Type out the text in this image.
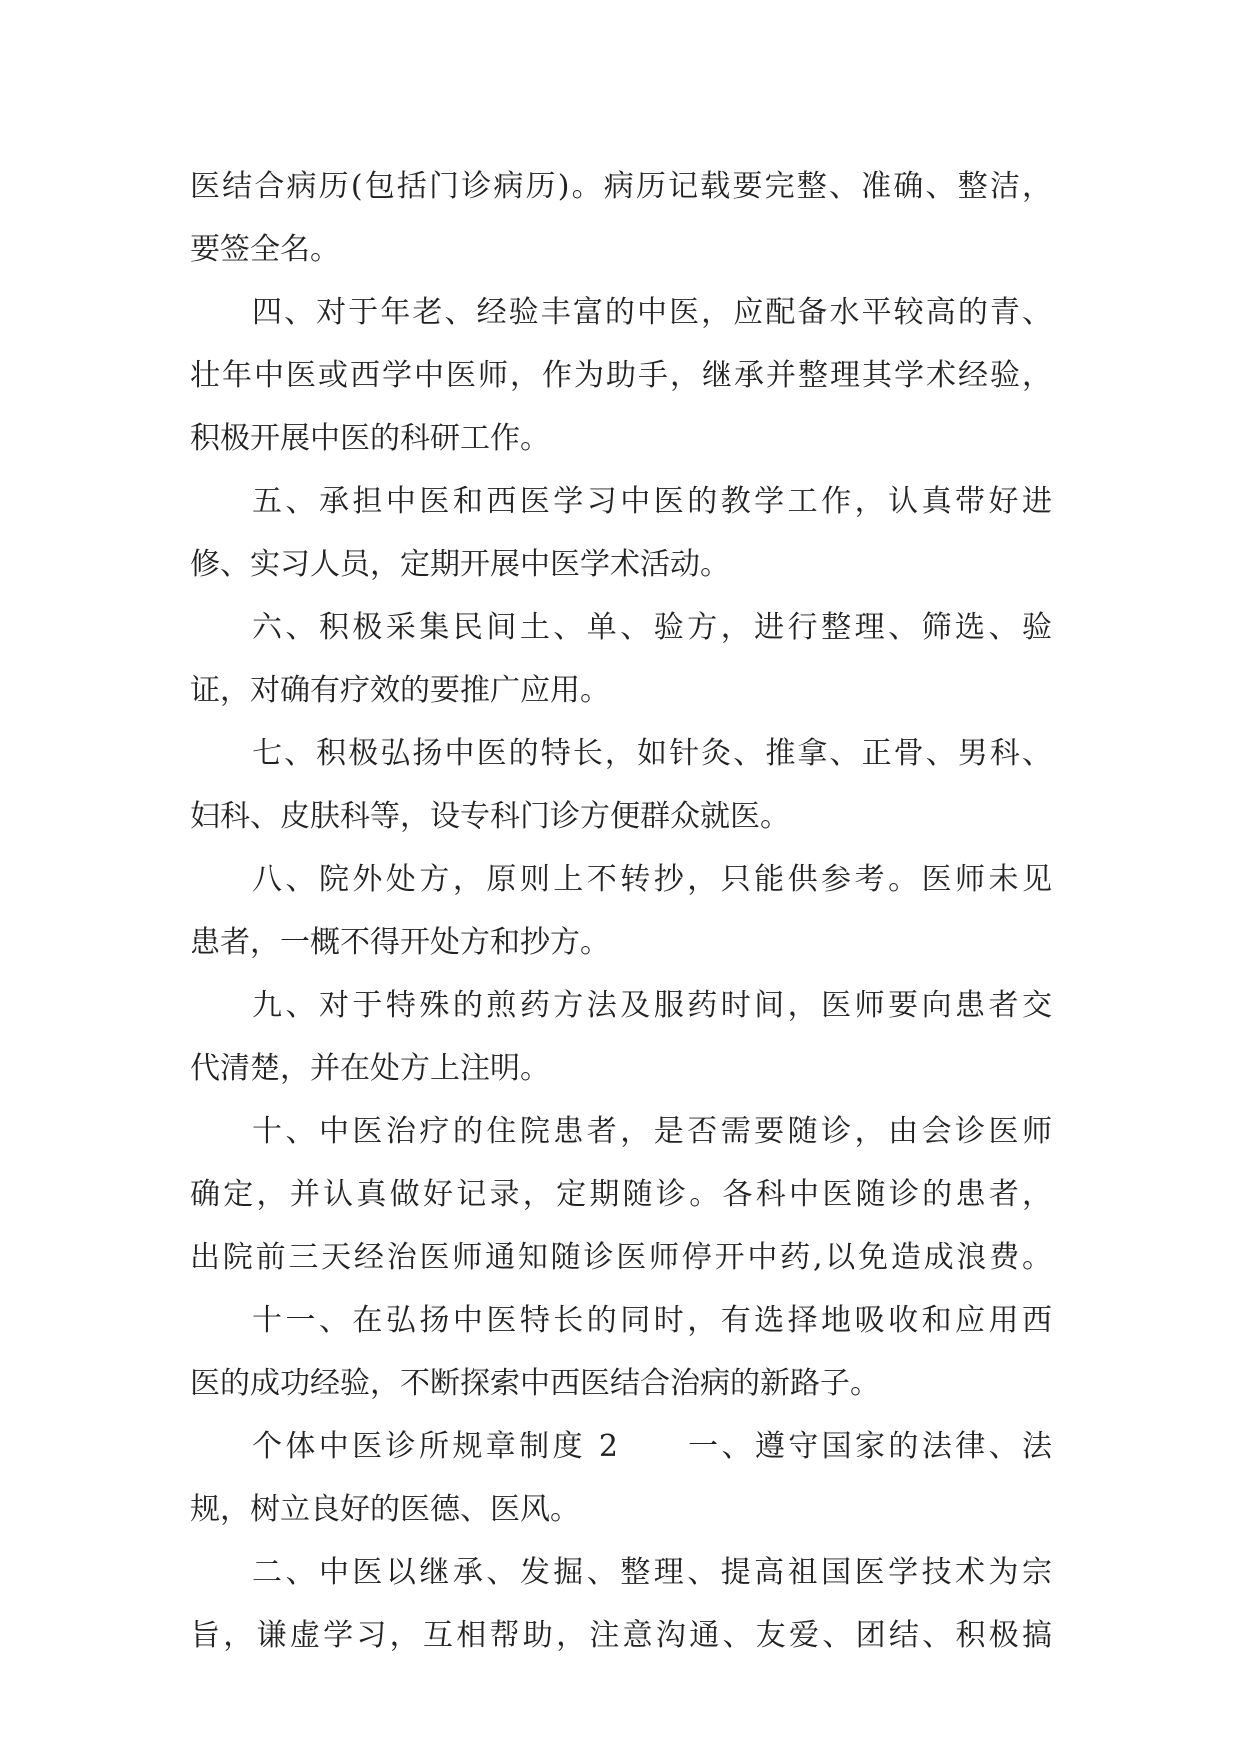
医结合病历(包括门诊病历)。病历记载要完整、准确、整洁，
要签全名。
四、对于年老、经验丰富的中医，应配备水平较高的青、
壮年中医或西学中医师，作为助手，继承并整理其学术经验，
积极开展中医的科研工作。
五、承担中医和西医学习中医的教学工作，认真带好进
修、实习人员，定期开展中医学术活动。
六、积极采集民间土、单、验方，进行整理、筛选、验
证，对确有疗效的要推广应用。
七、积极弘扬中医的特长，如针灸、推拿、正骨、男科、
妇科、皮肤科等，设专科门诊方便群众就医。
八、院外处方，原则上不转抄，只能供参考。医师未见
患者，一概不得开处方和抄方。
九、对于特殊的煎药方法及服药时间，医师要向患者交
代清楚，并在处方上注明。
十、中医治疗的住院患者，是否需要随诊，由会诊医师
确定，并认真做好记录，定期随诊。各科中医随诊的患者，
出院前三天经治医师通知随诊医师停开中药,以免造成浪费。
十一、在弘扬中医特长的同时，有选择地吸收和应用西
医的成功经验，不断探索中西医结合治病的新路子。
个体中医诊所规章制度 2　　一、遵守国家的法律、法
规，树立良好的医德、医风。
二、中医以继承、发掘、整理、提高祖国医学技术为宗
旨，谦虚学习，互相帮助，注意沟通、友爱、团结、积极搞
